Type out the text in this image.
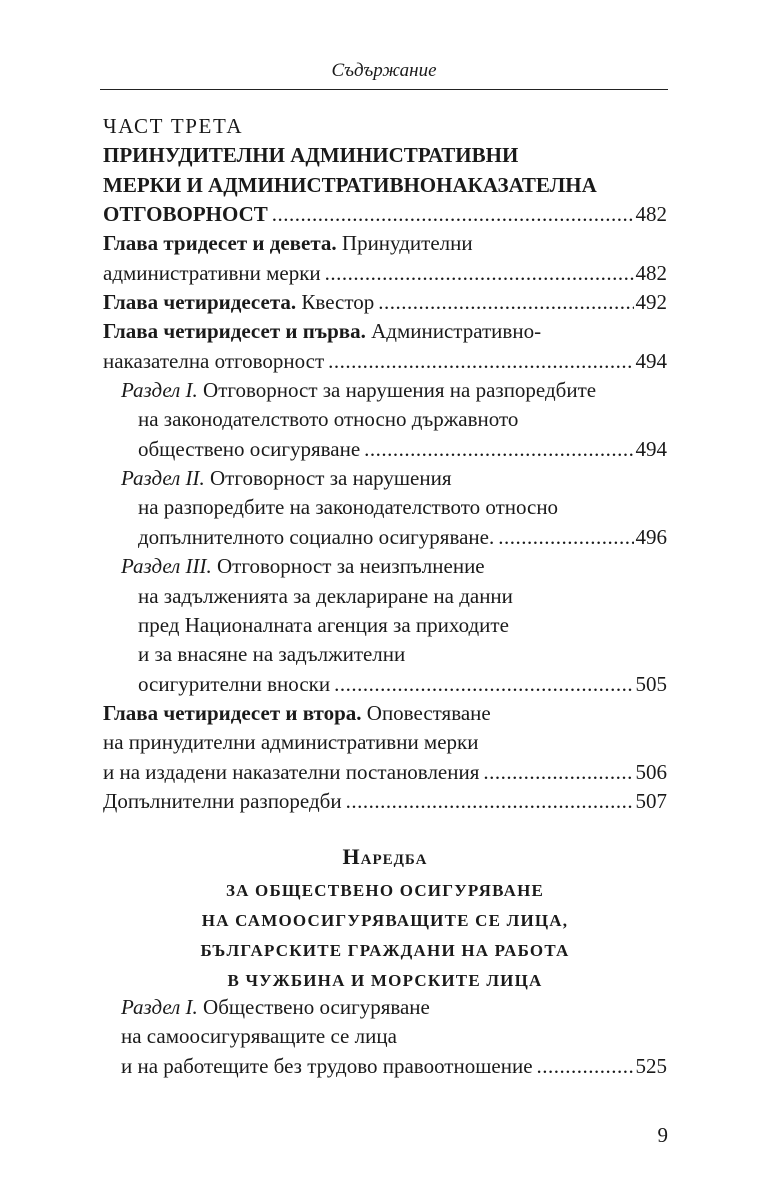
Съдържание
ЧАСТ ТРЕТА
ПРИНУДИТЕЛНИ АДМИНИСТРАТИВНИ
МЕРКИ И АДМИНИСТРАТИВНОНАКАЗАТЕЛНА
ОТГОВОРНОСТ .....	482
Глава тридесет и девета.
Принудителни
административни мерки .....	482
Глава четиридесета. Квестор .....	492
Глава четиридесет и първа.
Административно-
наказателна отговорност .....	494
Раздел I.
Отговорност за нарушения на разпоредбите
на законодателството относно държавното
обществено осигуряване .....	494
Раздел II.
Отговорност за нарушения
на разпоредбите на законодателството относно
допълнителното социално осигуряване. .....	496
Раздел III.
Отговорност за неизпълнение
на задълженията за деклариране на данни
пред Националната агенция за приходите
и за внасяне на задължителни
осигурителни вноски .....	505
Глава четиридесет и втора.
Оповестяване
на принудителни административни мерки
и на издадени наказателни постановления .....	506
Допълнителни разпоредби .....	507
Наредба
ЗА ОБЩЕСТВЕНО ОСИГУРЯВАНЕ
НА САМООСИГУРЯВАЩИТЕ СЕ ЛИЦА,
БЪЛГАРСКИТЕ ГРАЖДАНИ НА РАБОТА
В ЧУЖБИНА И МОРСКИТЕ ЛИЦА
Раздел I.
Обществено осигуряване
на самоосигуряващите се лица
и на работещите без трудово правоотношение .....	525
9
